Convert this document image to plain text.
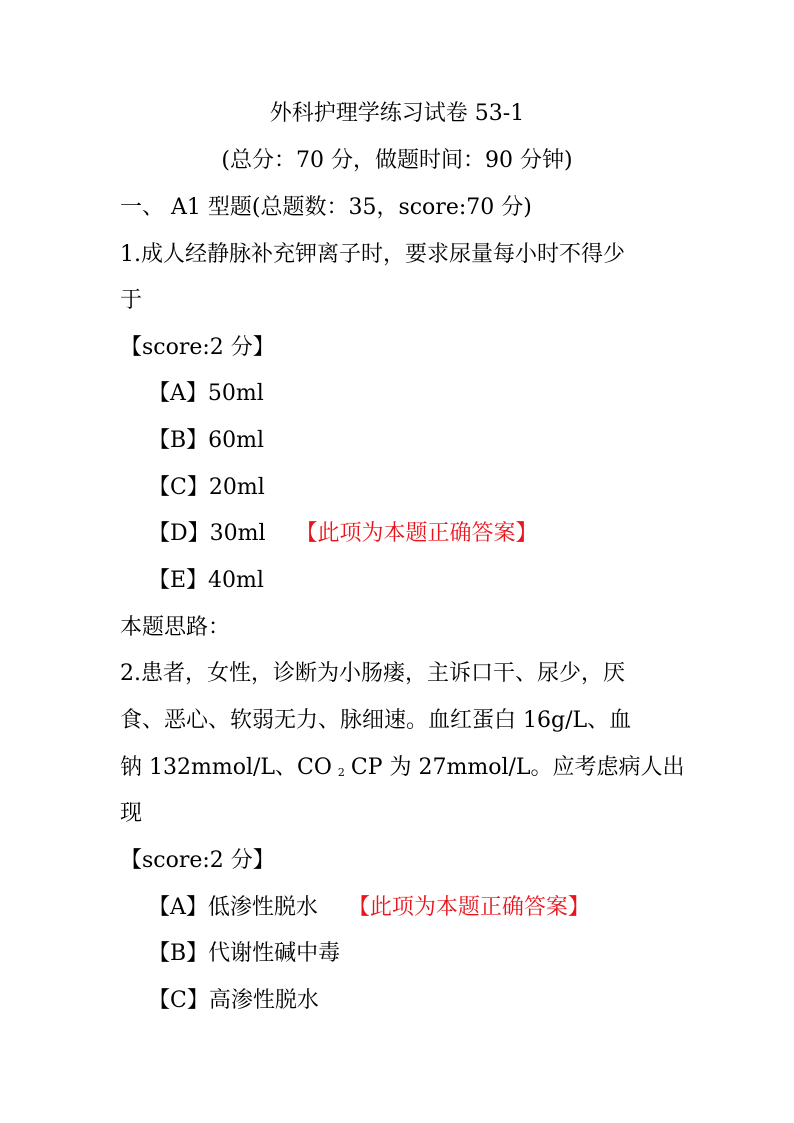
外科护理学练习试卷 53-1
(总分：70 分，做题时间：90 分钟)
一、 A1 型题(总题数：35，score:70 分)
1.成人经静脉补充钾离子时，要求尿量每小时不得少
于
【score:2 分】
【A】50ml
【B】60ml
【C】20ml
【D】30ml 【此项为本题正确答案】
【E】40ml
本题思路：
2.患者，女性，诊断为小肠瘘，主诉口干、尿少，厌
食、恶心、软弱无力、脉细速。血红蛋白 16g/L、血
钠 132mmol/L、CO 2 CP 为 27mmol/L。应考虑病人出
现
【score:2 分】
【A】低渗性脱水 【此项为本题正确答案】
【B】代谢性碱中毒
【C】高渗性脱水
